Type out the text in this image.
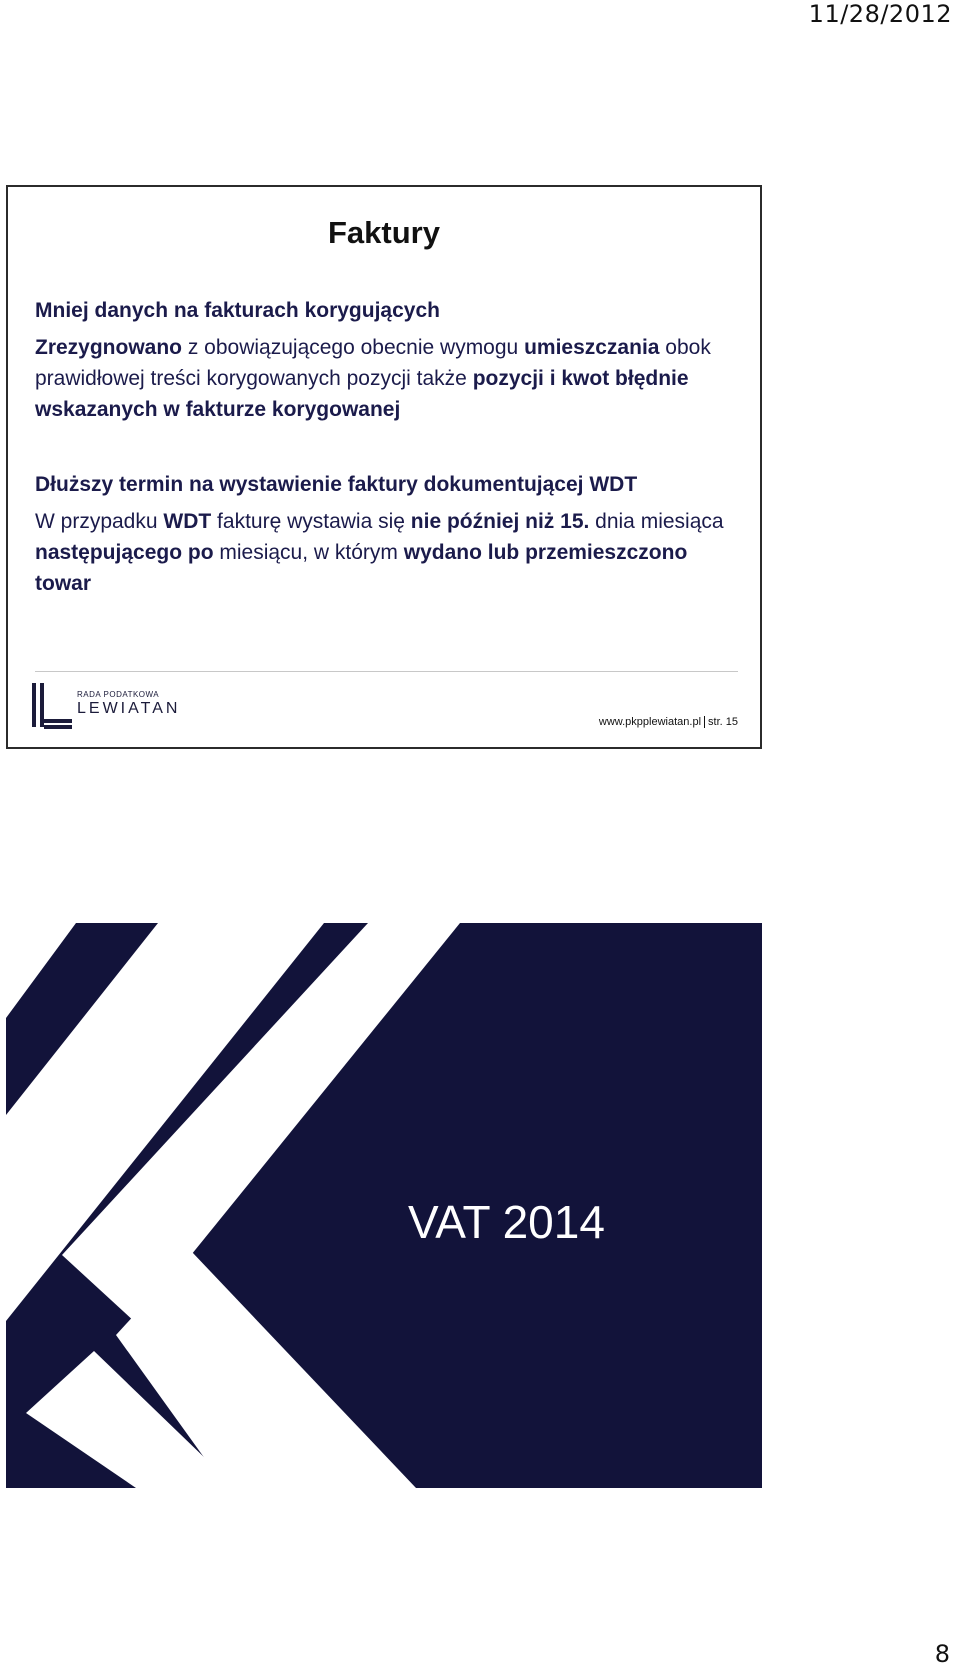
11/28/2012
Faktury

Mniej danych na fakturach korygujących

Zrezygnowano z obowiązującego obecnie wymogu umieszczania obok prawidłowej treści korygowanych pozycji także pozycji i kwot błędnie wskazanych w fakturze korygowanej

Dłuższy termin na wystawienie faktury dokumentującej WDT

W przypadku WDT fakturę wystawia się nie później niż 15. dnia miesiąca następującego po miesiącu, w którym wydano lub przemieszczono towar

RADA PODATKOWA
LEWIATAN
www.pkpplewiatan.pl str. 15
VAT 2014
8
